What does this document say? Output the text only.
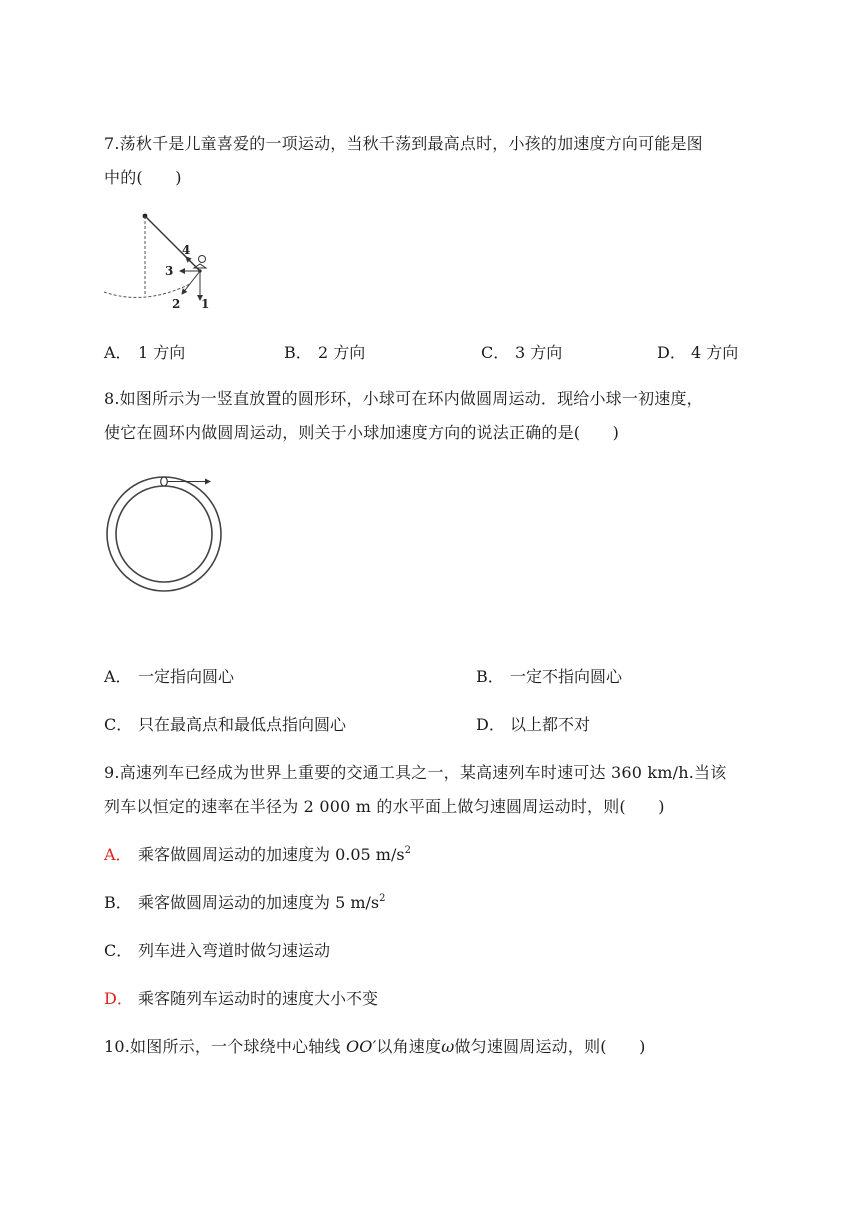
7.荡秋千是儿童喜爱的一项运动，当秋千荡到最高点时，小孩的加速度方向可能是图
中的(　　)
4
3
2 1
A． 1 方向	B． 2 方向	C． 3 方向	D． 4 方向
8.如图所示为一竖直放置的圆形环，小球可在环内做圆周运动．现给小球一初速度，
使它在圆环内做圆周运动，则关于小球加速度方向的说法正确的是(　　)
A． 一定指向圆心	B． 一定不指向圆心
C． 只在最高点和最低点指向圆心	D． 以上都不对
9.高速列车已经成为世界上重要的交通工具之一，某高速列车时速可达 360 km/h.当该
列车以恒定的速率在半径为 2 000 m 的水平面上做匀速圆周运动时，则(　　)
A． 乘客做圆周运动的加速度为 0.05 $m/s^2$
B． 乘客做圆周运动的加速度为 5 $m/s^2$
C． 列车进入弯道时做匀速运动
D． 乘客随列车运动时的速度大小不变
10.如图所示，一个球绕中心轴线 OO′以角速度ω做匀速圆周运动，则(　　)
